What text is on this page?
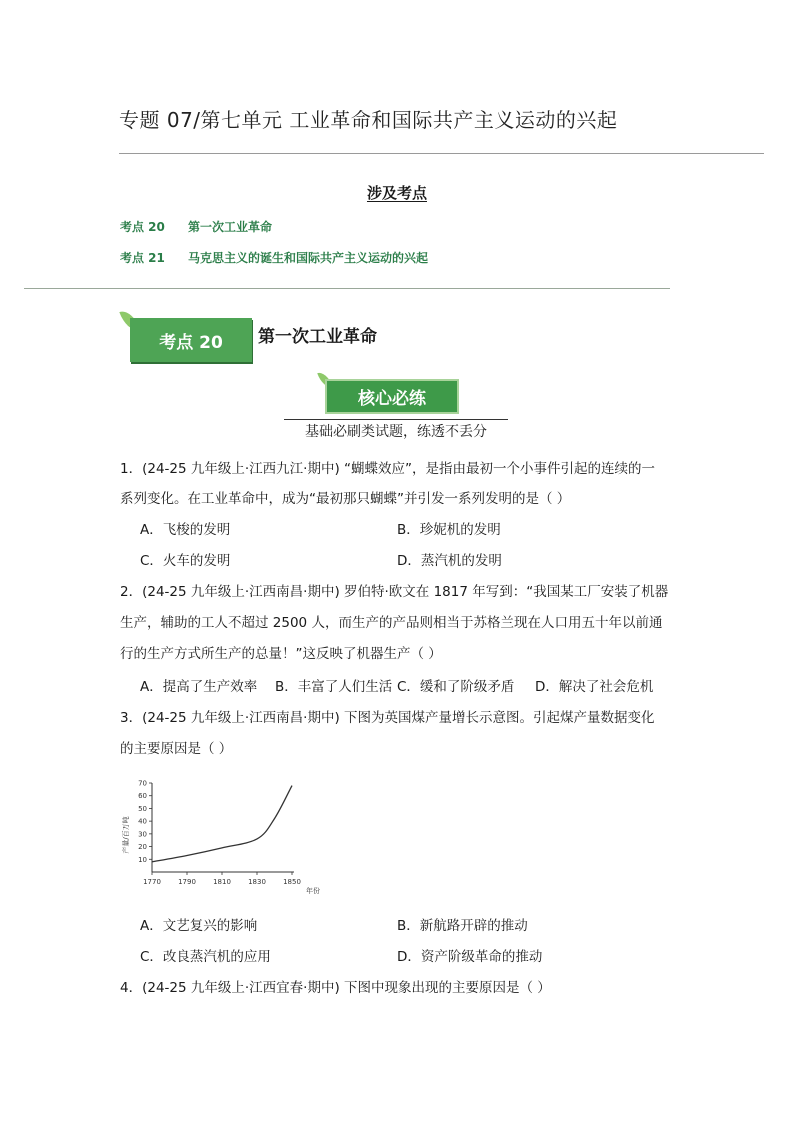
专题 07/第七单元 工业革命和国际共产主义运动的兴起
涉及考点
考点 20 第一次工业革命
考点 21 马克思主义的诞生和国际共产主义运动的兴起
考点 20	第一次工业革命
核心必练
基础必刷类试题，练透不丢分
1．(24-25 九年级上·江西九江·期中) “蝴蝶效应”，是指由最初一个小事件引起的连续的一
系列变化。在工业革命中，成为“最初那只蝴蝶”并引发一系列发明的是（ ）
A．飞梭的发明	B．珍妮机的发明
C．火车的发明	D．蒸汽机的发明
2．(24-25 九年级上·江西南昌·期中) 罗伯特·欧文在 1817 年写到：“我国某工厂安装了机器
生产，辅助的工人不超过 2500 人，而生产的产品则相当于苏格兰现在人口用五十年以前通
行的生产方式所生产的总量！”这反映了机器生产（ ）
A．提高了生产效率 B．丰富了人们生活 C．缓和了阶级矛盾 D．解决了社会危机
3．(24-25 九年级上·江西南昌·期中) 下图为英国煤产量增长示意图。引起煤产量数据变化
的主要原因是（ ）
10
20
30
40
50
60
70
1770 1790 1810 1830 1850
产量/百万吨
年份
A．文艺复兴的影响	B．新航路开辟的推动
C．改良蒸汽机的应用	D．资产阶级革命的推动
4．(24-25 九年级上·江西宜春·期中) 下图中现象出现的主要原因是（ ）
